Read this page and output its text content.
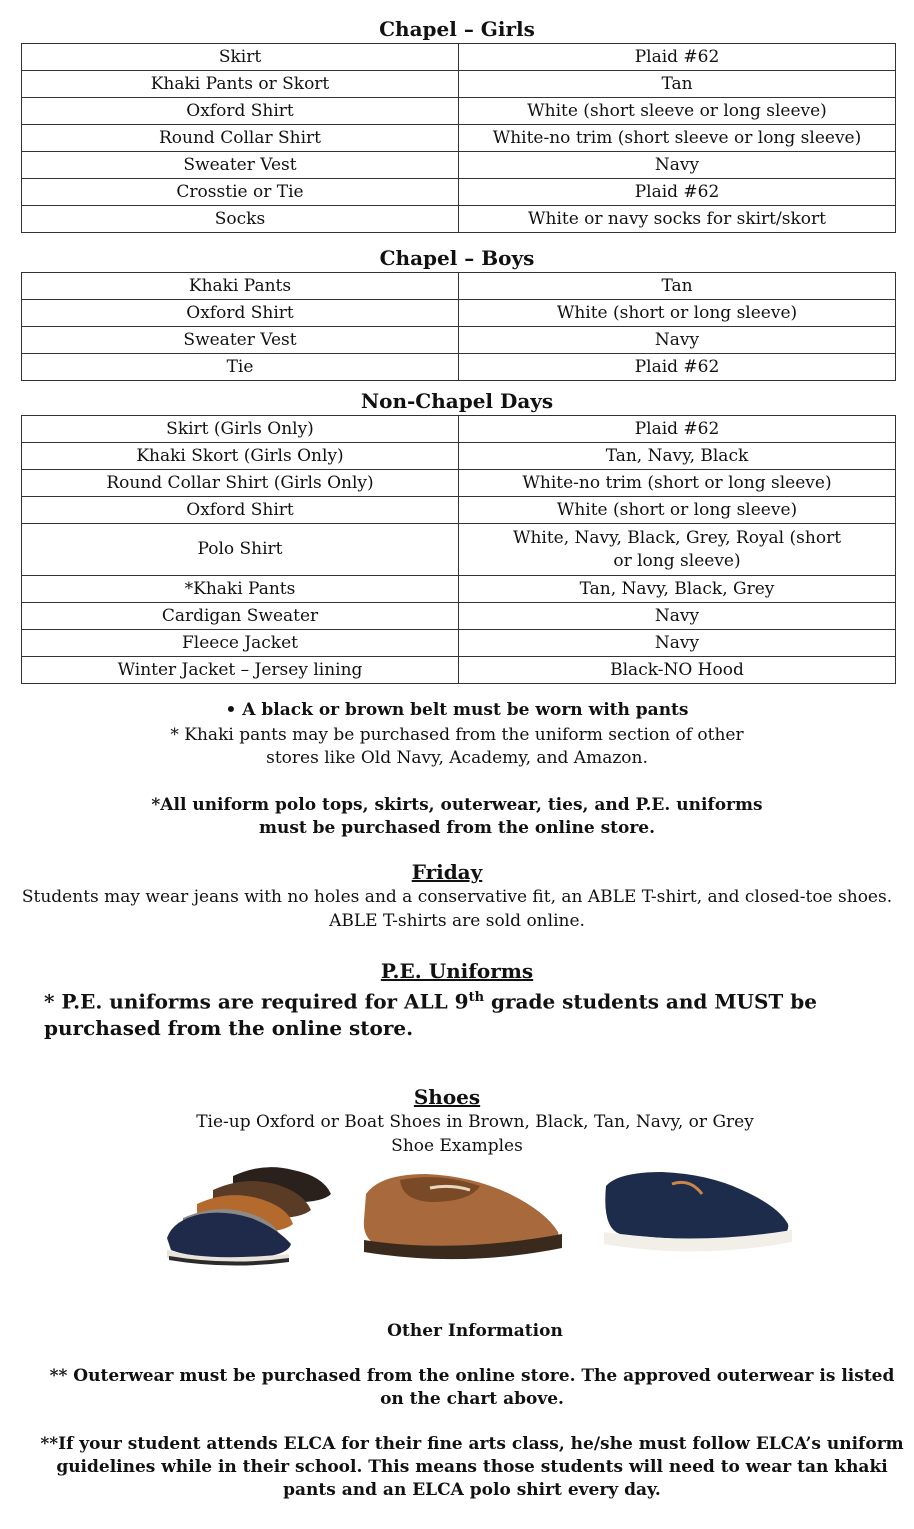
Chapel – Girls
Skirt	Plaid #62
Khaki Pants or Skort	Tan
Oxford Shirt	White (short sleeve or long sleeve)
Round Collar Shirt	White-no trim (short sleeve or long sleeve)
Sweater Vest	Navy
Crosstie or Tie	Plaid #62
Socks	White or navy socks for skirt/skort
Chapel – Boys
Khaki Pants	Tan
Oxford Shirt	White (short or long sleeve)
Sweater Vest	Navy
Tie	Plaid #62
Non-Chapel Days
Skirt (Girls Only)	Plaid #62
Khaki Skort (Girls Only)	Tan, Navy, Black
Round Collar Shirt (Girls Only)	White-no trim (short or long sleeve)
Oxford Shirt	White (short or long sleeve)
Polo Shirt	White, Navy, Black, Grey, Royal (short
or long sleeve)
*Khaki Pants	Tan, Navy, Black, Grey
Cardigan Sweater	Navy
Fleece Jacket	Navy
Winter Jacket – Jersey lining	Black-NO Hood
• A black or brown belt must be worn with pants
* Khaki pants may be purchased from the uniform section of other
stores like Old Navy, Academy, and Amazon.
*All uniform polo tops, skirts, outerwear, ties, and P.E. uniforms
must be purchased from the online store.
Friday
Students may wear jeans with no holes and a conservative fit, an ABLE T-shirt, and closed-toe shoes.
ABLE T-shirts are sold online.
P.E. Uniforms
* P.E. uniforms are required for ALL 9th grade students and MUST be
purchased from the online store.
Shoes
Tie-up Oxford or Boat Shoes in Brown, Black, Tan, Navy, or Grey
Shoe Examples
Other Information
** Outerwear must be purchased from the online store. The approved outerwear is listed
on the chart above.
**If your student attends ELCA for their fine arts class, he/she must follow ELCA’s uniform
guidelines while in their school. This means those students will need to wear tan khaki
pants and an ELCA polo shirt every day.
